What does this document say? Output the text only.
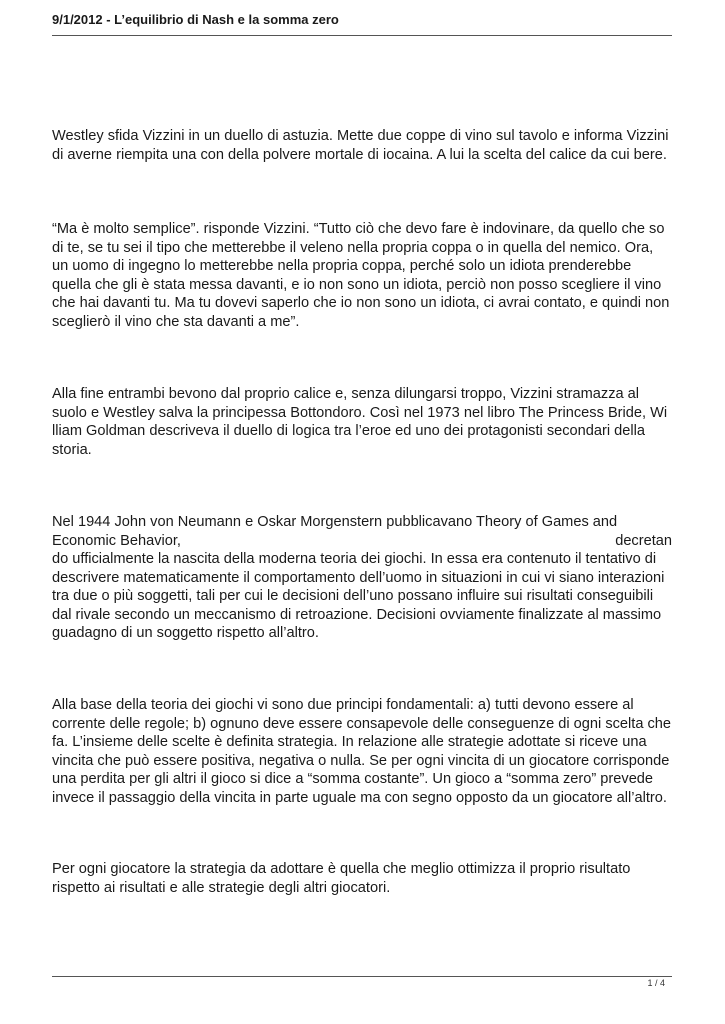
9/1/2012 - L’equilibrio di Nash e la somma zero

Westley sfida Vizzini in un duello di astuzia. Mette due coppe di vino sul tavolo e informa Vizzini di averne riempita una con della polvere mortale di iocaina. A lui la scelta del calice da cui bere.

“Ma è molto semplice”. risponde Vizzini. “Tutto ciò che devo fare è indovinare, da quello che so di te, se tu sei il tipo che metterebbe il veleno nella propria coppa o in quella del nemico. Ora, un uomo di ingegno lo metterebbe nella propria coppa, perché solo un idiota prenderebbe quella che gli è stata messa davanti, e io non sono un idiota, perciò non posso scegliere il vino che hai davanti tu. Ma tu dovevi saperlo che io non sono un idiota, ci avrai contato, e quindi non sceglierò il vino che sta davanti a me”.

Alla fine entrambi bevono dal proprio calice e, senza dilungarsi troppo, Vizzini stramazza al suolo e Westley salva la principessa Bottondoro. Così nel 1973 nel libro The Princess Bride, Wi lliam Goldman descriveva il duello di logica tra l’eroe ed uno dei protagonisti secondari della storia.

Nel 1944 John von Neumann e Oskar Morgenstern pubblicavano Theory of Games and
Economic Behavior,	decretan
do ufficialmente la nascita della moderna teoria dei giochi. In essa era contenuto il tentativo di descrivere matematicamente il comportamento dell’uomo in situazioni in cui vi siano interazioni tra due o più soggetti, tali per cui le decisioni dell’uno possano influire sui risultati conseguibili dal rivale secondo un meccanismo di retroazione. Decisioni ovviamente finalizzate al massimo guadagno di un soggetto rispetto all’altro.

Alla base della teoria dei giochi vi sono due principi fondamentali: a) tutti devono essere al corrente delle regole; b) ognuno deve essere consapevole delle conseguenze di ogni scelta che fa. L’insieme delle scelte è definita strategia. In relazione alle strategie adottate si riceve una vincita che può essere positiva, negativa o nulla. Se per ogni vincita di un giocatore corrisponde una perdita per gli altri il gioco si dice a “somma costante”. Un gioco a “somma zero” prevede invece il passaggio della vincita in parte uguale ma con segno opposto da un giocatore all’altro.

Per ogni giocatore la strategia da adottare è quella che meglio ottimizza il proprio risultato rispetto ai risultati e alle strategie degli altri giocatori.

1 / 4
